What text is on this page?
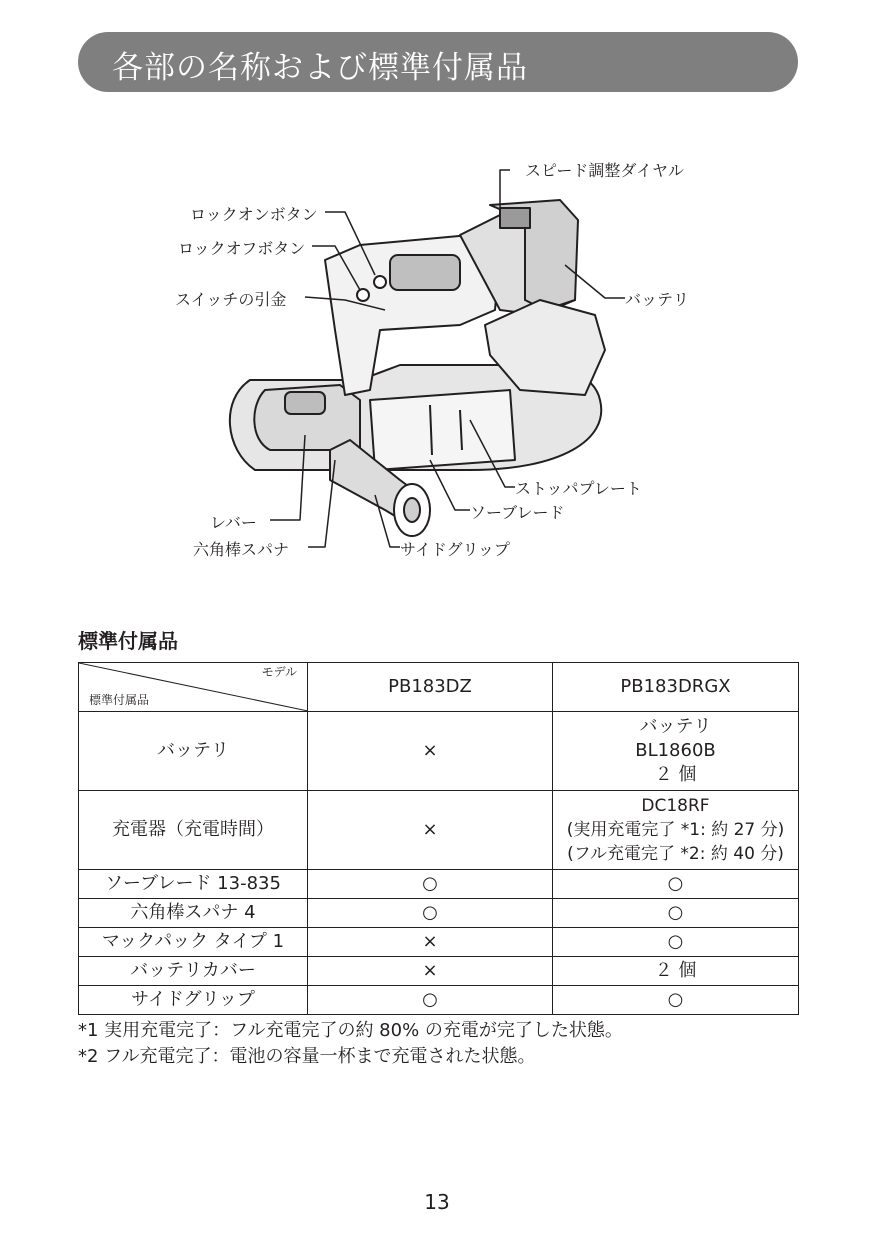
各部の名称および標準付属品
スピード調整ダイヤル
ロックオンボタン
ロックオフボタン
スイッチの引金	バッテリ
ストッパプレート
ソーブレード
レバー
六角棒スパナ	サイドグリップ
標準付属品
モデル
標準付属品	PB183DZ	PB183DRGX
バッテリ	×	バッテリ
BL1860B
２ 個

充電器（充電時間）	×	DC18RF
(実用充電完了 *1: 約 27 分)
(フル充電完了 *2: 約 40 分)

ソーブレード 13-835	○	○
六角棒スパナ 4	○	○
マックパック タイプ 1	×	○
バッテリカバー	×	２ 個
サイドグリップ	○	○
*1 実用充電完了：フル充電完了の約 80% の充電が完了した状態。
*2 フル充電完了：電池の容量一杯まで充電された状態。
13
